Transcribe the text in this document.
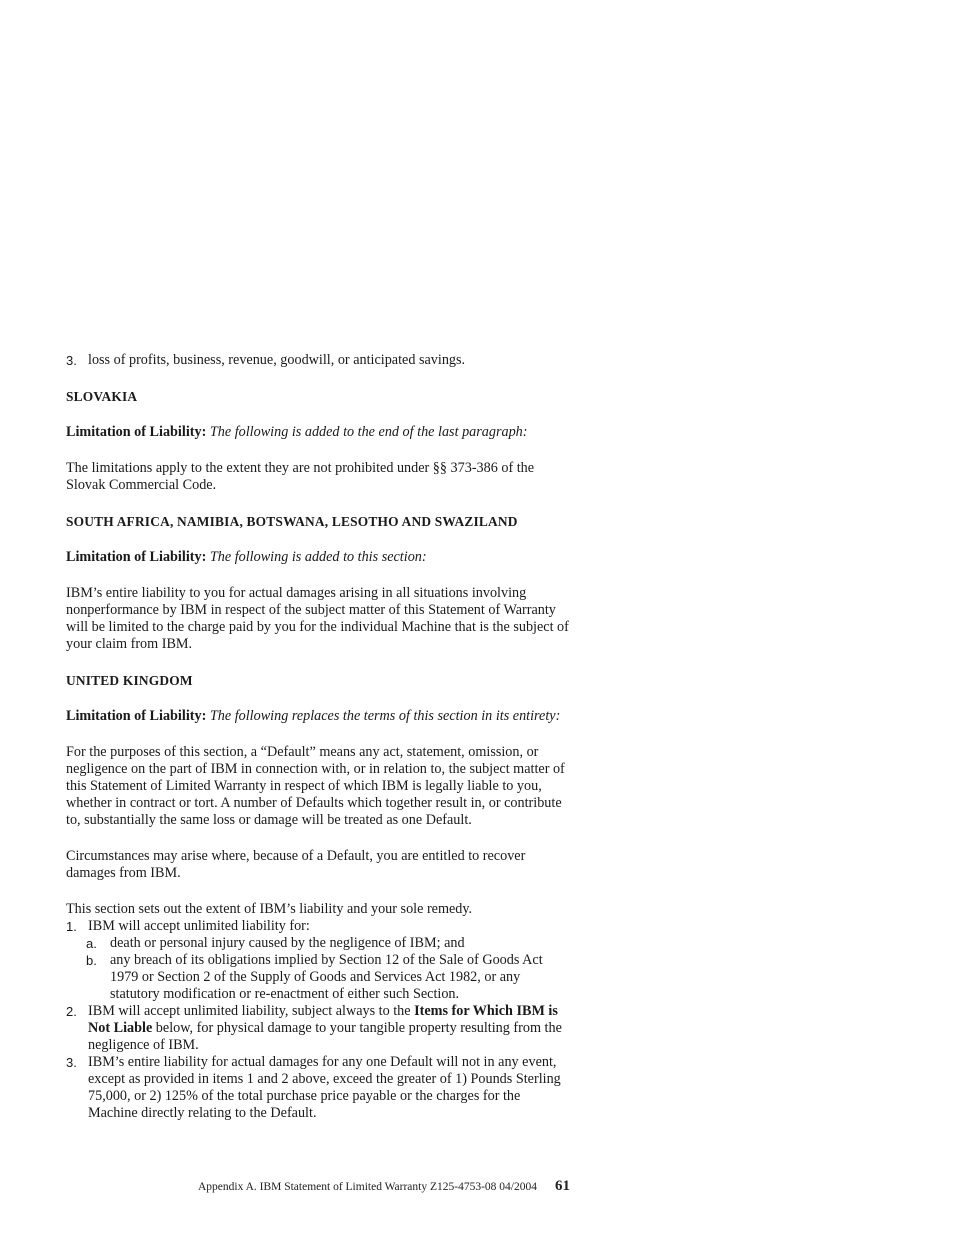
3. loss of profits, business, revenue, goodwill, or anticipated savings.

SLOVAKIA

Limitation of Liability: The following is added to the end of the last paragraph:

The limitations apply to the extent they are not prohibited under §§ 373-386 of the Slovak Commercial Code.

SOUTH AFRICA, NAMIBIA, BOTSWANA, LESOTHO AND SWAZILAND

Limitation of Liability: The following is added to this section:

IBM’s entire liability to you for actual damages arising in all situations involving nonperformance by IBM in respect of the subject matter of this Statement of Warranty will be limited to the charge paid by you for the individual Machine that is the subject of your claim from IBM.

UNITED KINGDOM

Limitation of Liability: The following replaces the terms of this section in its entirety:

For the purposes of this section, a “Default” means any act, statement, omission, or negligence on the part of IBM in connection with, or in relation to, the subject matter of this Statement of Limited Warranty in respect of which IBM is legally liable to you, whether in contract or tort. A number of Defaults which together result in, or contribute to, substantially the same loss or damage will be treated as one Default.

Circumstances may arise where, because of a Default, you are entitled to recover damages from IBM.

This section sets out the extent of IBM’s liability and your sole remedy.

1. IBM will accept unlimited liability for:

a. death or personal injury caused by the negligence of IBM; and

b. any breach of its obligations implied by Section 12 of the Sale of Goods Act 1979 or Section 2 of the Supply of Goods and Services Act 1982, or any statutory modification or re-enactment of either such Section.

2. IBM will accept unlimited liability, subject always to the Items for Which IBM is Not Liable below, for physical damage to your tangible property resulting from the negligence of IBM.

3. IBM’s entire liability for actual damages for any one Default will not in any event, except as provided in items 1 and 2 above, exceed the greater of 1) Pounds Sterling 75,000, or 2) 125% of the total purchase price payable or the charges for the Machine directly relating to the Default.

Appendix A. IBM Statement of Limited Warranty Z125-4753-08 04/2004 61
